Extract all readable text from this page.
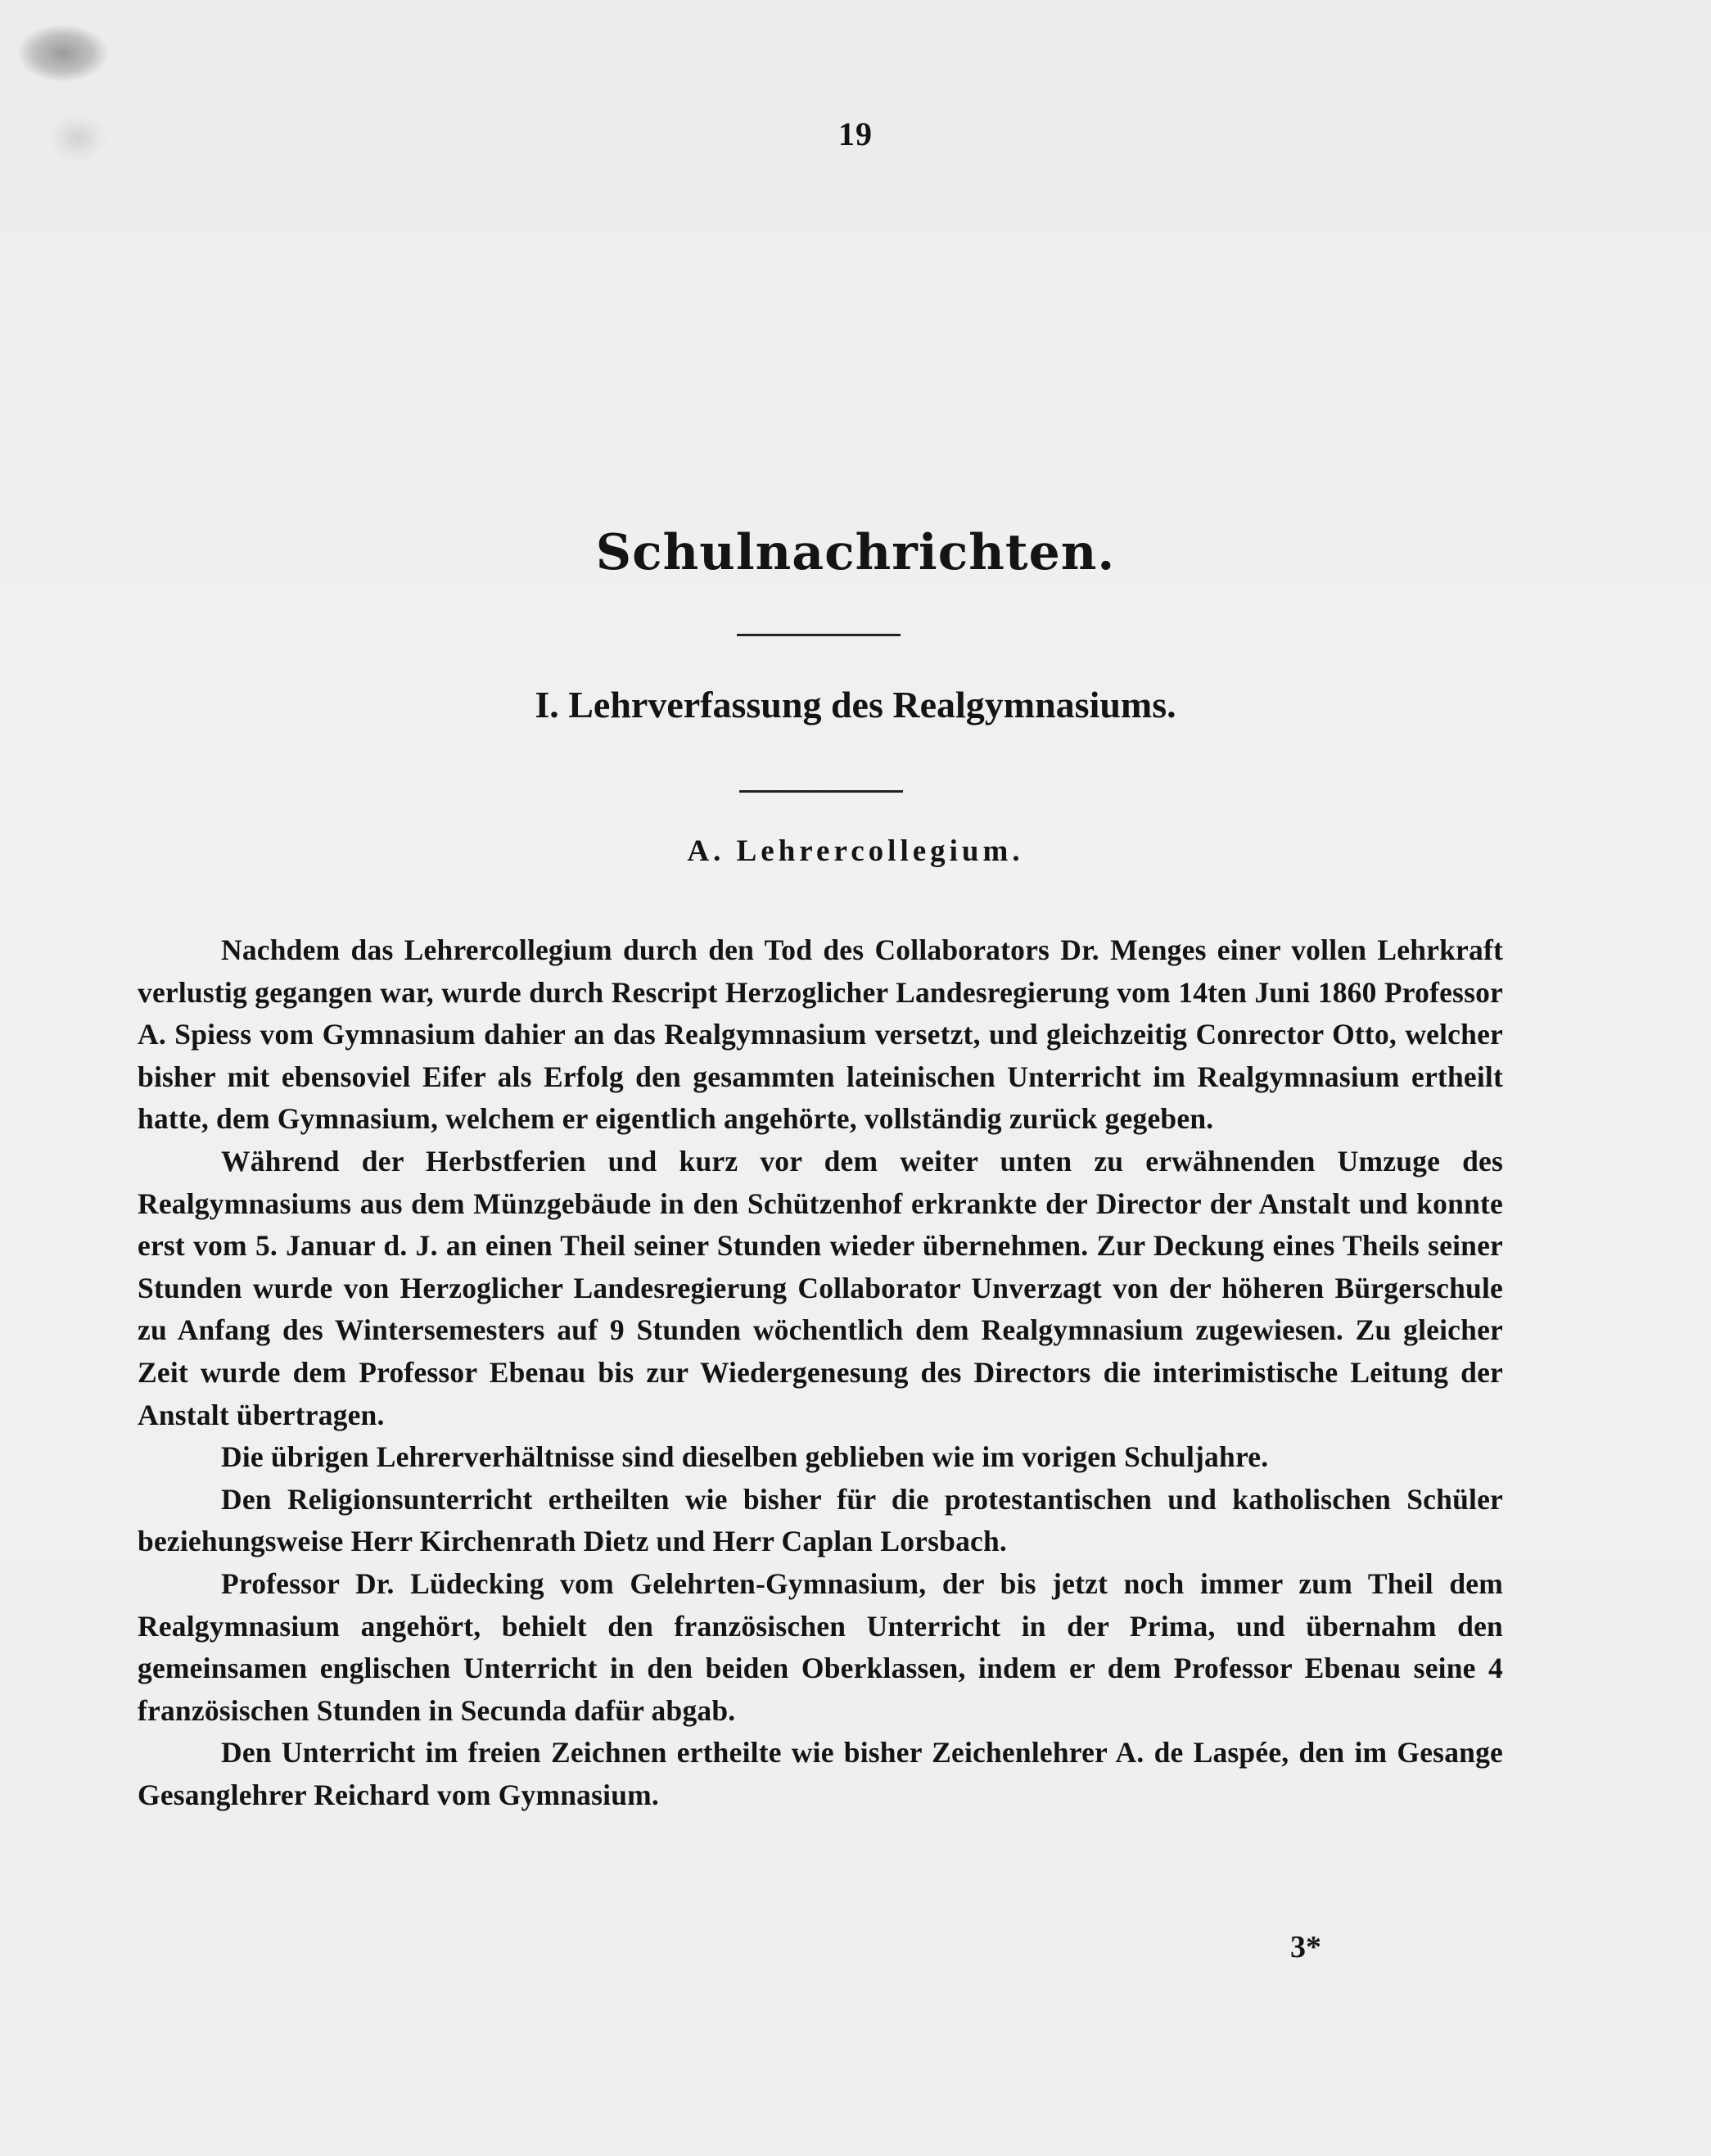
19
Schulnachrichten.
I. Lehrverfassung des Realgymnasiums.
A. Lehrercollegium.

Nachdem das Lehrercollegium durch den Tod des Collaborators Dr. Menges einer vollen Lehrkraft verlustig gegangen war, wurde durch Rescript Herzoglicher Landesregierung vom 14ten Juni 1860 Professor A. Spiess vom Gymnasium dahier an das Realgymnasium versetzt, und gleichzeitig Conrector Otto, welcher bisher mit ebensoviel Eifer als Erfolg den gesammten lateinischen Unterricht im Realgymnasium ertheilt hatte, dem Gymnasium, welchem er eigentlich angehörte, vollständig zurück gegeben.

Während der Herbstferien und kurz vor dem weiter unten zu erwähnenden Umzuge des Realgymnasiums aus dem Münzgebäude in den Schützenhof erkrankte der Director der Anstalt und konnte erst vom 5. Januar d. J. an einen Theil seiner Stunden wieder übernehmen. Zur Deckung eines Theils seiner Stunden wurde von Herzoglicher Landesregierung Collaborator Unverzagt von der höheren Bürgerschule zu Anfang des Wintersemesters auf 9 Stunden wöchentlich dem Realgymnasium zugewiesen. Zu gleicher Zeit wurde dem Professor Ebenau bis zur Wiedergenesung des Directors die interimistische Leitung der Anstalt übertragen.

Die übrigen Lehrerverhältnisse sind dieselben geblieben wie im vorigen Schuljahre.

Den Religionsunterricht ertheilten wie bisher für die protestantischen und katholischen Schüler beziehungsweise Herr Kirchenrath Dietz und Herr Caplan Lorsbach.

Professor Dr. Lüdecking vom Gelehrten-Gymnasium, der bis jetzt noch immer zum Theil dem Realgymnasium angehört, behielt den französischen Unterricht in der Prima, und übernahm den gemeinsamen englischen Unterricht in den beiden Oberklassen, indem er dem Professor Ebenau seine 4 französischen Stunden in Secunda dafür abgab.

Den Unterricht im freien Zeichnen ertheilte wie bisher Zeichenlehrer A. de Laspée, den im Gesange Gesanglehrer Reichard vom Gymnasium.

3*
